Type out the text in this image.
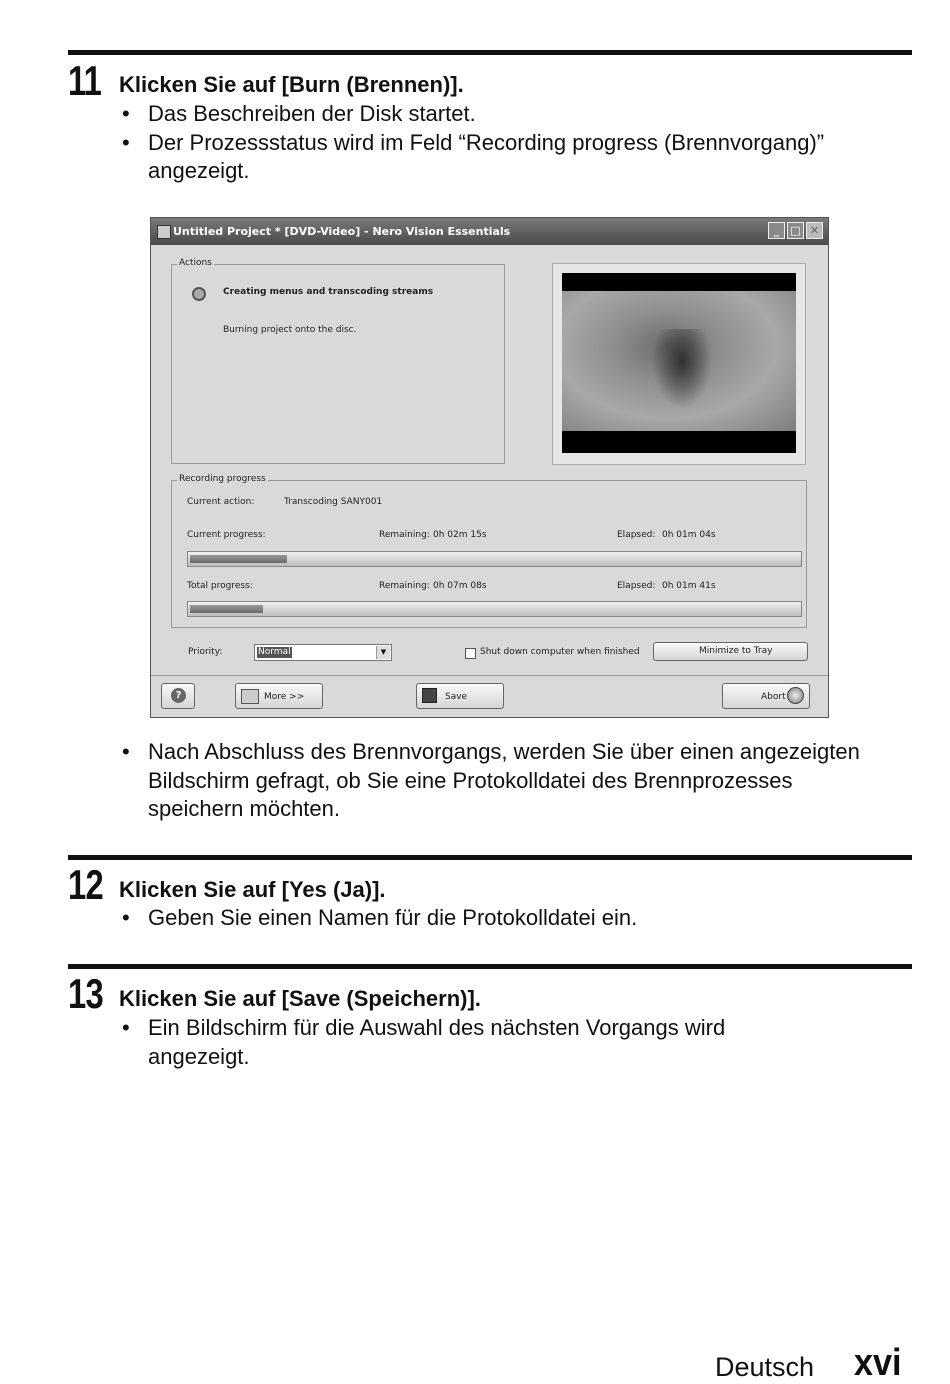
11 Klicken Sie auf [Burn (Brennen)].
• Das Beschreiben der Disk startet.
• Der Prozessstatus wird im Feld “Recording progress (Brennvorgang)” angezeigt.
Untitled Project * [DVD-Video] - Nero Vision Essentials	_	□ ✕
Actions
Creating menus and transcoding streams
Burning project onto the disc.
Recording progress
Current action:	Transcoding SANY001
Current progress:	Remaining: 0h 02m 15s	Elapsed: 0h 01m 04s
Total progress:	Remaining: 0h 07m 08s	Elapsed: 0h 01m 41s
Priority:	Normal	▼	Shut down computer when finished	Minimize to Tray
?	More >>	Save	Abort
• Nach Abschluss des Brennvorgangs, werden Sie über einen angezeigten Bildschirm gefragt, ob Sie eine Protokolldatei des Brennprozesses speichern möchten.
12 Klicken Sie auf [Yes (Ja)].
• Geben Sie einen Namen für die Protokolldatei ein.
13 Klicken Sie auf [Save (Speichern)].
• Ein Bildschirm für die Auswahl des nächsten Vorgangs wird angezeigt.
Deutsch xvi
